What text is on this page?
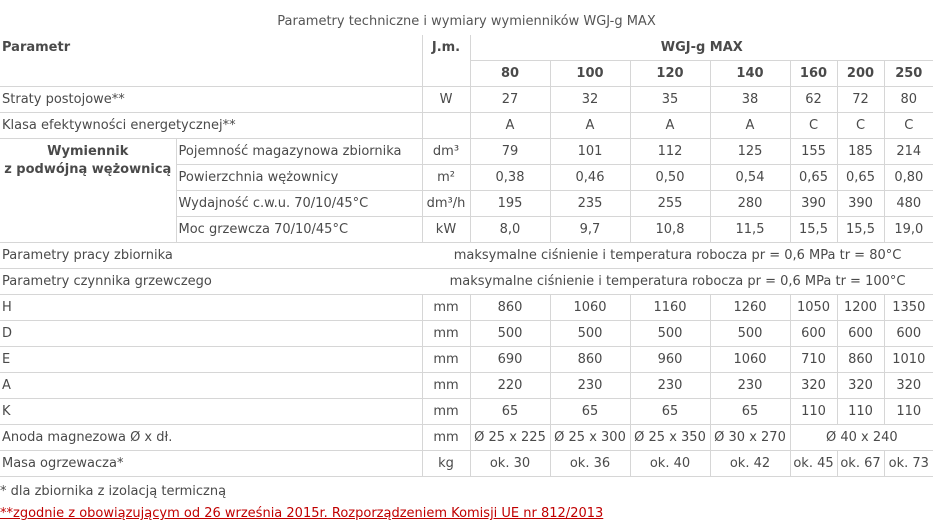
Parametry techniczne i wymiary wymienników WGJ-g MAX
Parametr		J.m.	WGJ-g MAX						
			80	100	120	140	160	200	250
Straty postojowe**		W	27	32	35	38	62	72	80
Klasa efektywności energetycznej**			A	A	A	A	C	C	C

Wymiennik
z podwójną wężownicą	Pojemność magazynowa zbiornika	dm³	79	101	112	125	155	185	214
	Powierzchnia wężownicy	m²	0,38	0,46	0,50	0,54	0,65	0,65	0,80
	Wydajność c.w.u. 70/10/45°C	dm³/h	195	235	255	280	390	390	480
	Moc grzewcza 70/10/45°C	kW	8,0	9,7	10,8	11,5	15,5	15,5	19,0
Parametry pracy zbiornika		maksymalne ciśnienie i temperatura robocza pr = 0,6 MPa tr = 80°C							
Parametry czynnika grzewczego		maksymalne ciśnienie i temperatura robocza pr = 0,6 MPa tr = 100°C							
H		mm	860	1060	1160	1260	1050	1200	1350
D		mm	500	500	500	500	600	600	600
E		mm	690	860	960	1060	710	860	1010
A		mm	220	230	230	230	320	320	320
K		mm	65	65	65	65	110	110	110
Anoda magnezowa Ø x dł.		mm	Ø 25 x 225	Ø 25 x 300	Ø 25 x 350	Ø 30 x 270	Ø 40 x 240		
Masa ogrzewacza*		kg	ok. 30	ok. 36	ok. 40	ok. 42	ok. 45	ok. 67	ok. 73
* dla zbiornika z izolacją termiczną
**zgodnie z obowiązującym od 26 września 2015r. Rozporządzeniem Komisji UE nr 812/2013
